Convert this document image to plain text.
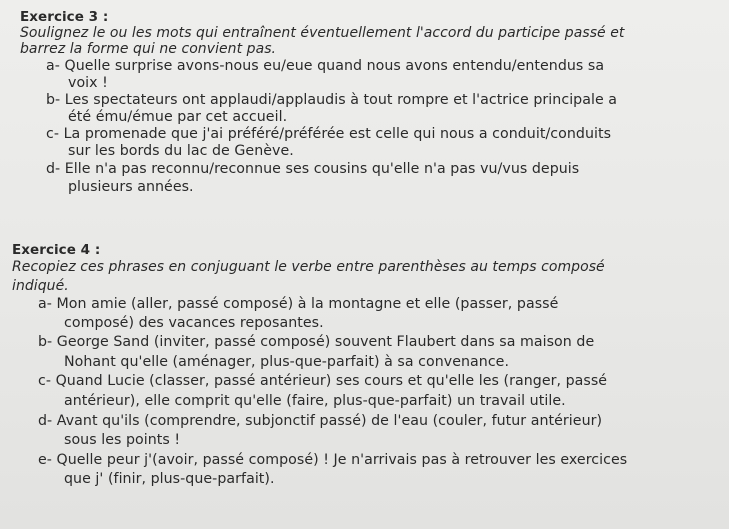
Exercice 3 :
Soulignez le ou les mots qui entraînent éventuellement l'accord du participe passé et
barrez la forme qui ne convient pas.
a- Quelle surprise avons-nous eu/eue quand nous avons entendu/entendus sa
voix !
b- Les spectateurs ont applaudi/applaudis à tout rompre et l'actrice principale a
été ému/émue par cet accueil.
c- La promenade que j'ai préféré/préférée est celle qui nous a conduit/conduits
sur les bords du lac de Genève.
d- Elle n'a pas reconnu/reconnue ses cousins qu'elle n'a pas vu/vus depuis
plusieurs années.
Exercice 4 :
Recopiez ces phrases en conjuguant le verbe entre parenthèses au temps composé
indiqué.
a- Mon amie (aller, passé composé) à la montagne et elle (passer, passé
composé) des vacances reposantes.
b- George Sand (inviter, passé composé) souvent Flaubert dans sa maison de
Nohant qu'elle (aménager, plus-que-parfait) à sa convenance.
c- Quand Lucie (classer, passé antérieur) ses cours et qu'elle les (ranger, passé
antérieur), elle comprit qu'elle (faire, plus-que-parfait) un travail utile.
d- Avant qu'ils (comprendre, subjonctif passé) de l'eau (couler, futur antérieur)
sous les points !
e- Quelle peur j'(avoir, passé composé) ! Je n'arrivais pas à retrouver les exercices
que j' (finir, plus-que-parfait).
